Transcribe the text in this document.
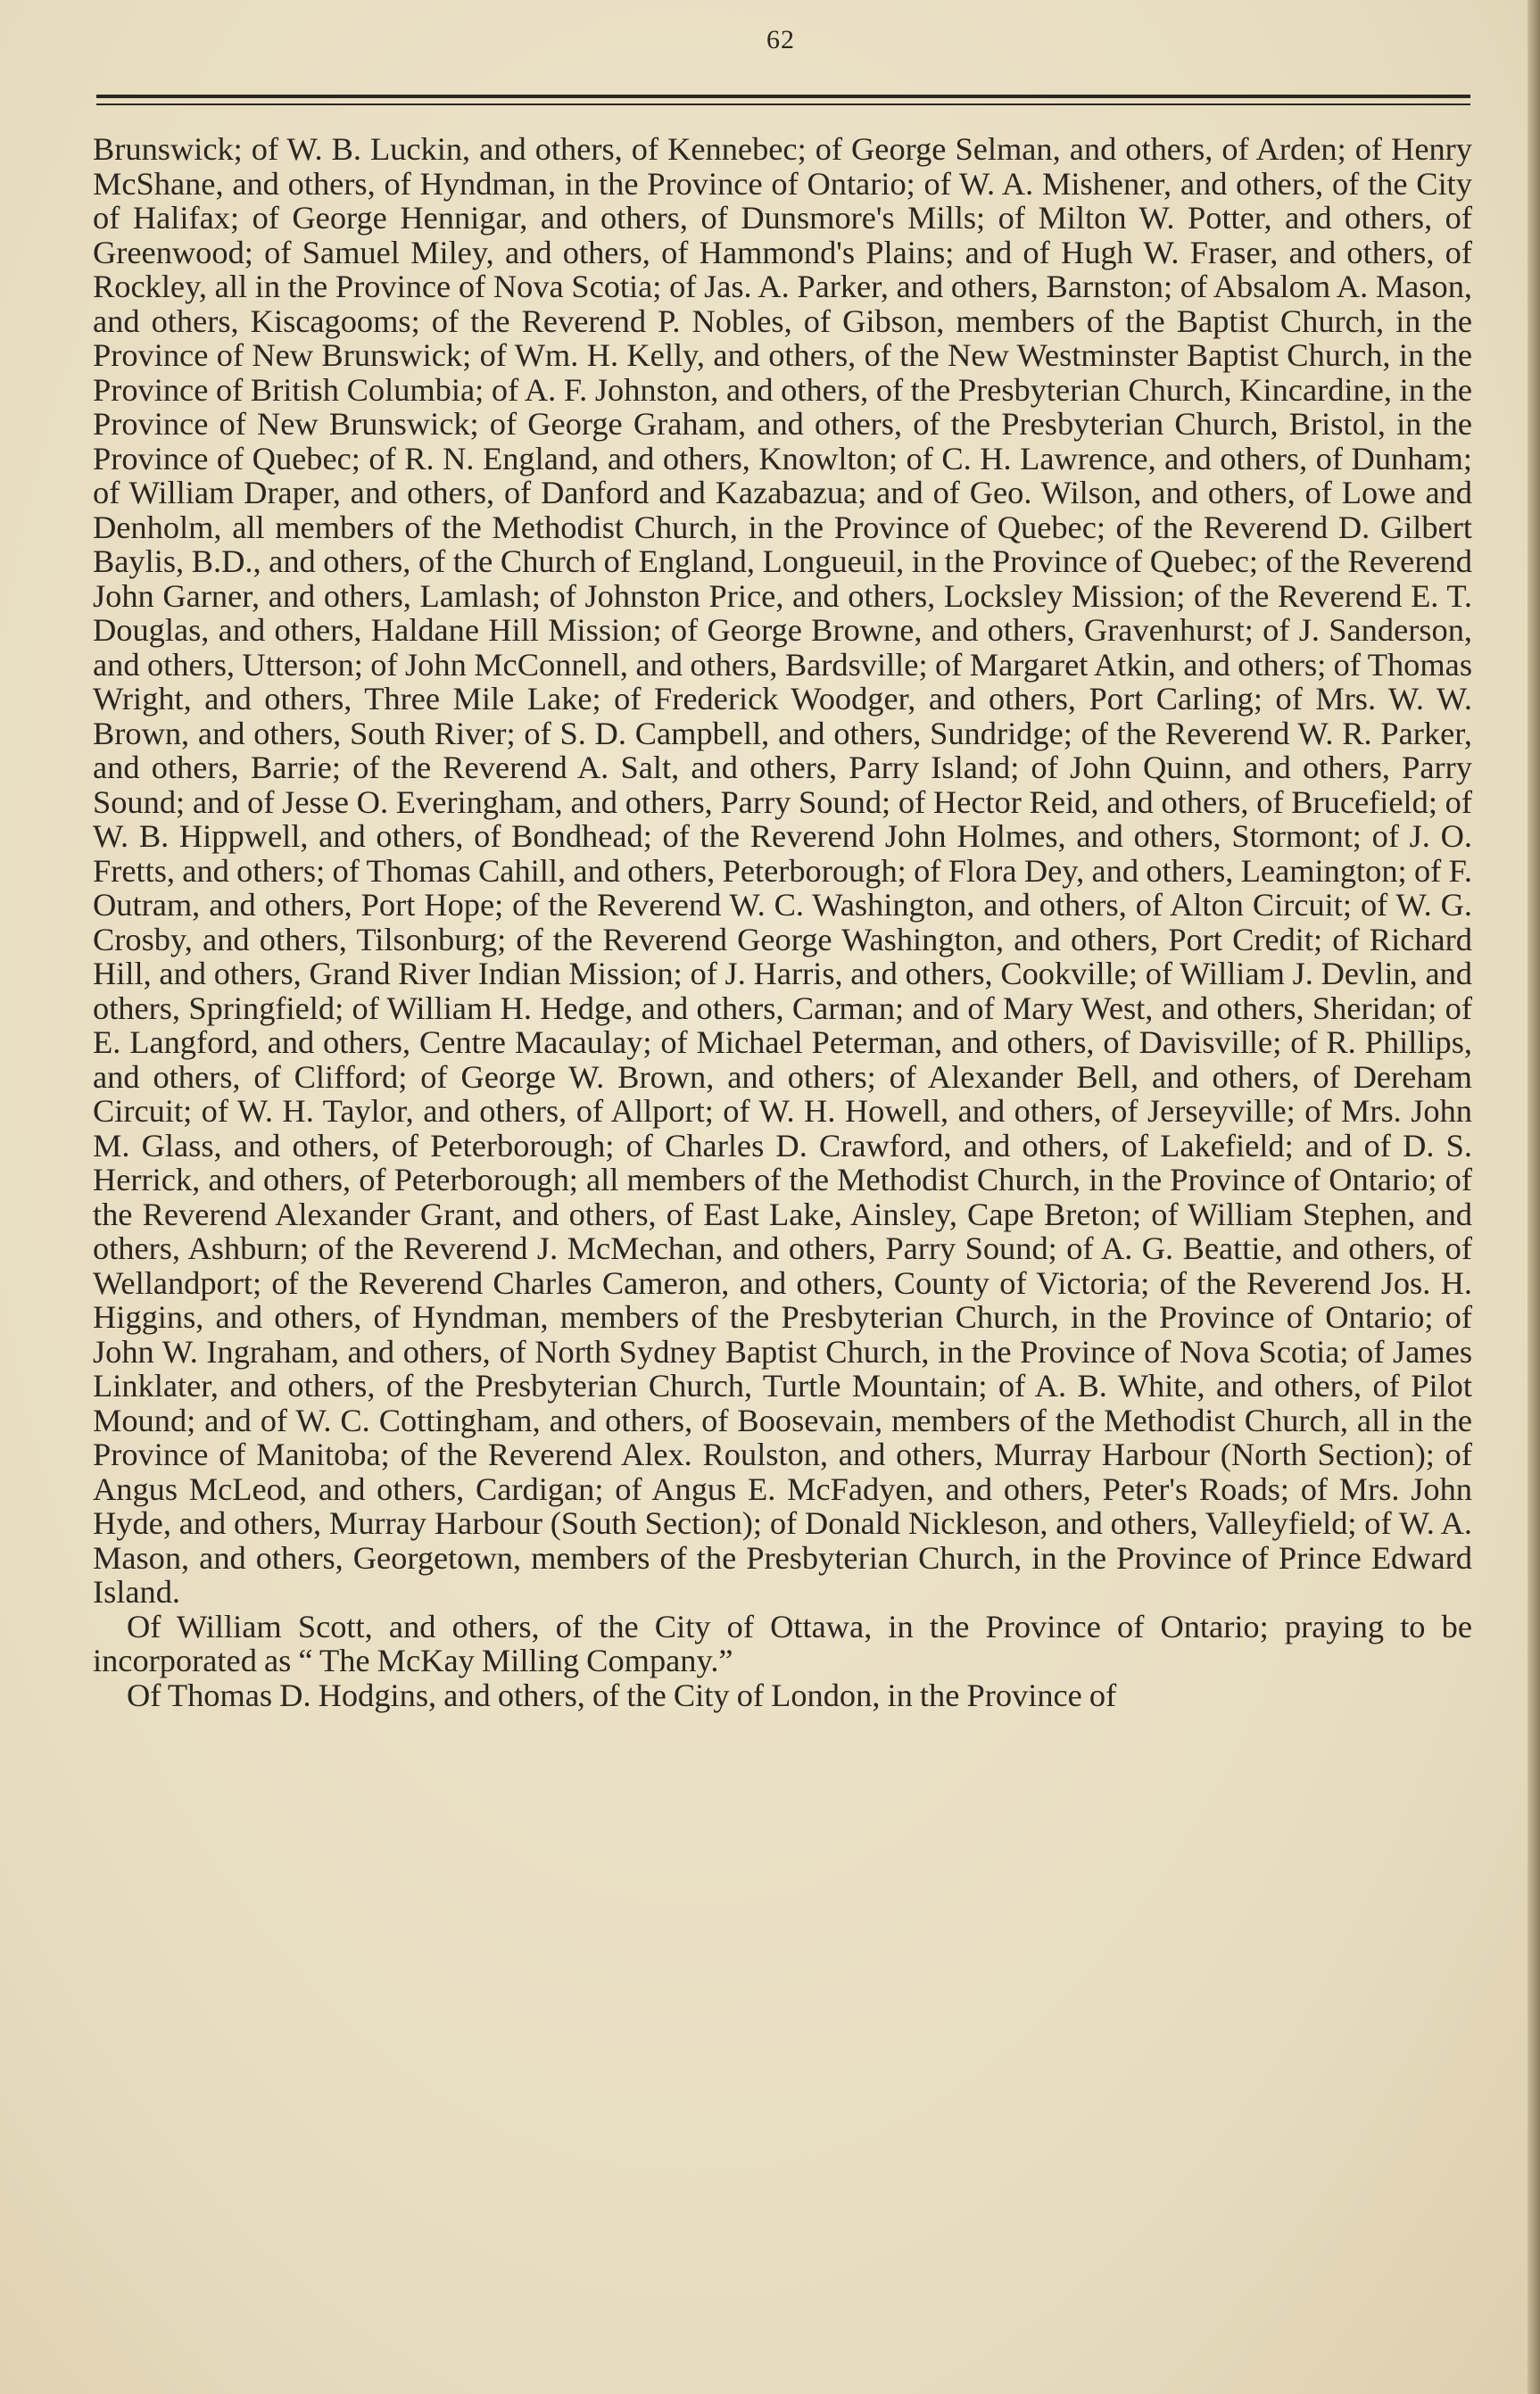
62

Brunswick; of W. B. Luckin, and others, of Kennebec; of George Selman, and others, of Arden; of Henry McShane, and others, of Hyndman, in the Province of Ontario; of W. A. Mishener, and others, of the City of Halifax; of George Hennigar, and others, of Dunsmore's Mills; of Milton W. Potter, and others, of Greenwood; of Samuel Miley, and others, of Hammond's Plains; and of Hugh W. Fraser, and others, of Rockley, all in the Province of Nova Scotia; of Jas. A. Parker, and others, Barnston; of Absalom A. Mason, and others, Kiscagooms; of the Reverend P. Nobles, of Gibson, members of the Baptist Church, in the Province of New Brunswick; of Wm. H. Kelly, and others, of the New Westminster Baptist Church, in the Province of British Columbia; of A. F. Johnston, and others, of the Presbyterian Church, Kincardine, in the Province of New Brunswick; of George Graham, and others, of the Presbyterian Church, Bristol, in the Province of Quebec; of R. N. England, and others, Knowlton; of C. H. Lawrence, and others, of Dunham; of William Draper, and others, of Danford and Kazabazua; and of Geo. Wilson, and others, of Lowe and Denholm, all members of the Methodist Church, in the Province of Quebec; of the Reverend D. Gilbert Baylis, B.D., and others, of the Church of England, Longueuil, in the Province of Quebec; of the Reverend John Garner, and others, Lamlash; of Johnston Price, and others, Locksley Mission; of the Reverend E. T. Douglas, and others, Haldane Hill Mission; of George Browne, and others, Gravenhurst; of J. Sanderson, and others, Utterson; of John McConnell, and others, Bardsville; of Margaret Atkin, and others; of Thomas Wright, and others, Three Mile Lake; of Frederick Woodger, and others, Port Carling; of Mrs. W. W. Brown, and others, South River; of S. D. Campbell, and others, Sundridge; of the Reverend W. R. Parker, and others, Barrie; of the Reverend A. Salt, and others, Parry Island; of John Quinn, and others, Parry Sound; and of Jesse O. Everingham, and others, Parry Sound; of Hector Reid, and others, of Brucefield; of W. B. Hippwell, and others, of Bondhead; of the Reverend John Holmes, and others, Stormont; of J. O. Fretts, and others; of Thomas Cahill, and others, Peterborough; of Flora Dey, and others, Leamington; of F. Outram, and others, Port Hope; of the Reverend W. C. Washington, and others, of Alton Circuit; of W. G. Crosby, and others, Tilsonburg; of the Reverend George Washington, and others, Port Credit; of Richard Hill, and others, Grand River Indian Mission; of J. Harris, and others, Cookville; of William J. Devlin, and others, Springfield; of William H. Hedge, and others, Carman; and of Mary West, and others, Sheridan; of E. Langford, and others, Centre Macaulay; of Michael Peterman, and others, of Davisville; of R. Phillips, and others, of Clifford; of George W. Brown, and others; of Alexander Bell, and others, of Dereham Circuit; of W. H. Taylor, and others, of Allport; of W. H. Howell, and others, of Jerseyville; of Mrs. John M. Glass, and others, of Peterborough; of Charles D. Crawford, and others, of Lakefield; and of D. S. Herrick, and others, of Peterborough; all members of the Methodist Church, in the Province of Ontario; of the Reverend Alexander Grant, and others, of East Lake, Ainsley, Cape Breton; of William Stephen, and others, Ashburn; of the Reverend J. McMechan, and others, Parry Sound; of A. G. Beattie, and others, of Wellandport; of the Reverend Charles Cameron, and others, County of Victoria; of the Reverend Jos. H. Higgins, and others, of Hyndman, members of the Presbyterian Church, in the Province of Ontario; of John W. Ingraham, and others, of North Sydney Baptist Church, in the Province of Nova Scotia; of James Linklater, and others, of the Presbyterian Church, Turtle Mountain; of A. B. White, and others, of Pilot Mound; and of W. C. Cottingham, and others, of Boosevain, members of the Methodist Church, all in the Province of Manitoba; of the Reverend Alex. Roulston, and others, Murray Harbour (North Section); of Angus McLeod, and others, Cardigan; of Angus E. McFadyen, and others, Peter's Roads; of Mrs. John Hyde, and others, Murray Harbour (South Section); of Donald Nickleson, and others, Valleyfield; of W. A. Mason, and others, Georgetown, members of the Presbyterian Church, in the Province of Prince Edward Island.

Of William Scott, and others, of the City of Ottawa, in the Province of Ontario; praying to be incorporated as “ The McKay Milling Company.”

Of Thomas D. Hodgins, and others, of the City of London, in the Province of
